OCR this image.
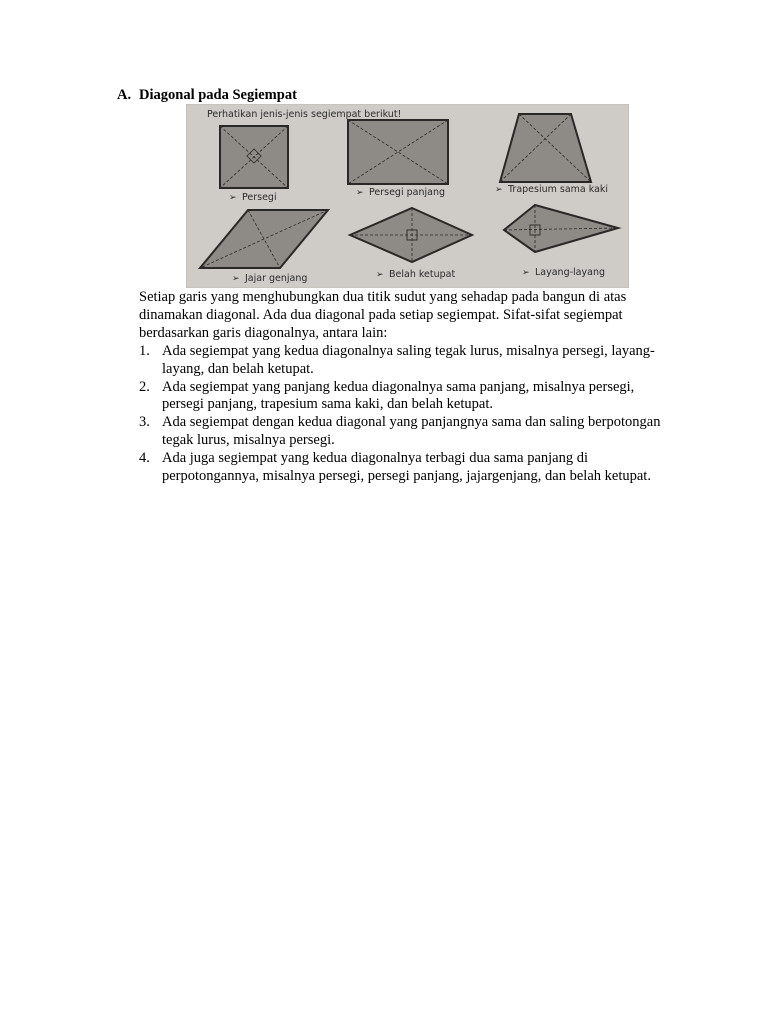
A. Diagonal pada Segiempat
Perhatikan jenis-jenis segiempat berikut!
➢ Persegi	➢ Persegi panjang	➢ Trapesium sama kaki
➢ Jajar genjang	➢ Belah ketupat	➢ Layang-layang

Setiap garis yang menghubungkan dua titik sudut yang sehadap pada bangun di atas dinamakan diagonal. Ada dua diagonal pada setiap segiempat. Sifat-sifat segiempat berdasarkan garis diagonalnya, antara lain:

1. Ada segiempat yang kedua diagonalnya saling tegak lurus, misalnya persegi, layang-layang, dan belah ketupat.
2. Ada segiempat yang panjang kedua diagonalnya sama panjang, misalnya persegi, persegi panjang, trapesium sama kaki, dan belah ketupat.
3. Ada segiempat dengan kedua diagonal yang panjangnya sama dan saling berpotongan tegak lurus, misalnya persegi.
4. Ada juga segiempat yang kedua diagonalnya terbagi dua sama panjang di perpotongannya, misalnya persegi, persegi panjang, jajargenjang, dan belah ketupat.
